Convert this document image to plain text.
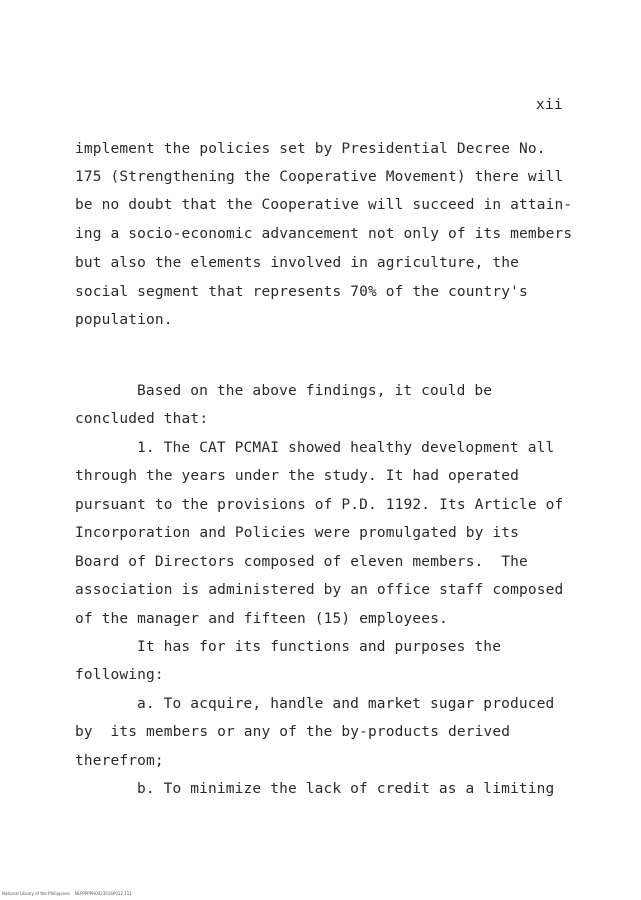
xii
implement the policies set by Presidential Decree No.
175 (Strengthening the Cooperative Movement) there will
be no doubt that the Cooperative will succeed in attain-
ing a socio-economic advancement not only of its members
but also the elements involved in agriculture, the
social segment that represents 70% of the country's
population.
Based on the above findings, it could be
concluded that:
1. The CAT PCMAI showed healthy development all
through the years under the study. It had operated
pursuant to the provisions of P.D. 1192. Its Article of
Incorporation and Policies were promulgated by its
Board of Directors composed of eleven members.  The
association is administered by an office staff composed
of the manager and fifteen (15) employees.
It has for its functions and purposes the
following:
a. To acquire, handle and market sugar produced
by  its members or any of the by-products derived
therefrom;
b. To minimize the lack of credit as a limiting
National Library of the Philippines    NLPPPPPH0023516P012 111
